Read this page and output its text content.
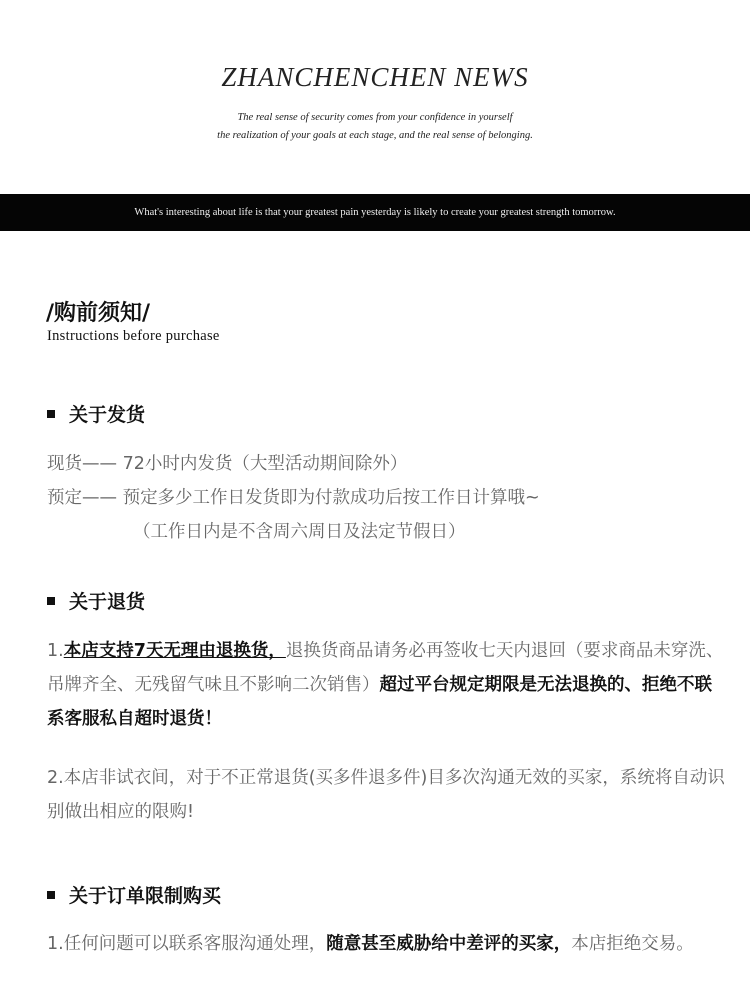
ZHANCHENCHEN NEWS
The real sense of security comes from your confidence in yourself
the realization of your goals at each stage, and the real sense of belonging.
What's interesting about life is that your greatest pain yesterday is likely to create your greatest strength tomorrow.
/购前须知/
Instructions before purchase
关于发货

现货—— 72小时内发货（大型活动期间除外）

预定—— 预定多少工作日发货即为付款成功后按工作日计算哦~

（工作日内是不含周六周日及法定节假日）

关于退货

1.本店支持7天无理由退换货，退换货商品请务必再签收七天内退回（要求商品未穿洗、吊牌齐全、无残留气味且不影响二次销售）超过平台规定期限是无法退换的、拒绝不联系客服私自超时退货！

2.本店非试衣间，对于不正常退货(买多件退多件)目多次沟通无效的买家，系统将自动识别做出相应的限购!

关于订单限制购买

1.任何问题可以联系客服沟通处理，随意甚至威胁给中差评的买家，本店拒绝交易。
